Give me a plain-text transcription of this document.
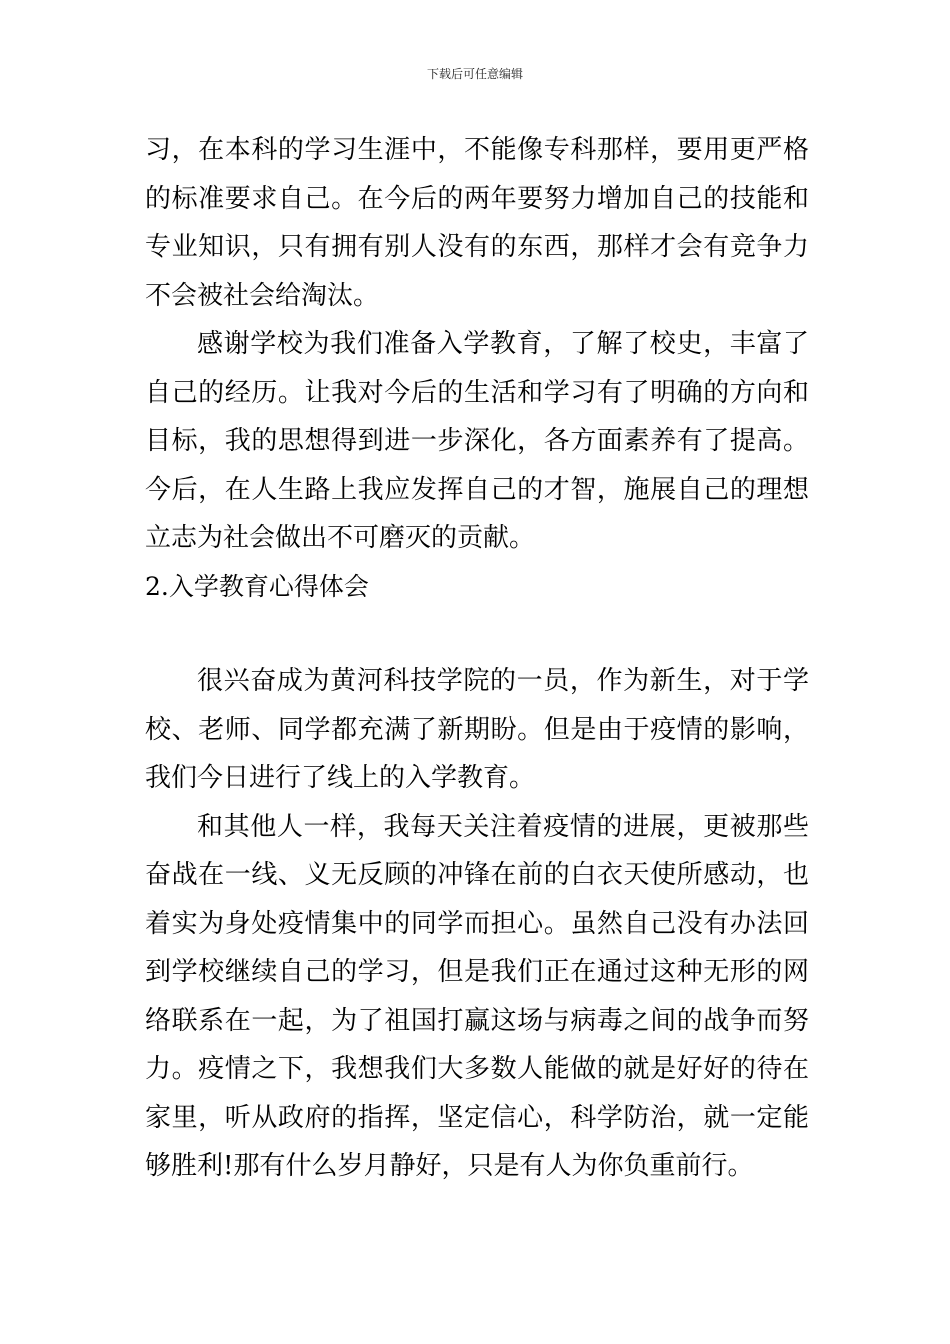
下载后可任意编辑

习，在本科的学习生涯中，不能像专科那样，要用更严格的标准要求自己。在今后的两年要努力增加自己的技能和专业知识，只有拥有别人没有的东西，那样才会有竞争力不会被社会给淘汰。

感谢学校为我们准备入学教育，了解了校史，丰富了自己的经历。让我对今后的生活和学习有了明确的方向和目标，我的思想得到进一步深化，各方面素养有了提高。今后，在人生路上我应发挥自己的才智，施展自己的理想立志为社会做出不可磨灭的贡献。

2.入学教育心得体会

很兴奋成为黄河科技学院的一员，作为新生，对于学校、老师、同学都充满了新期盼。但是由于疫情的影响，我们今日进行了线上的入学教育。

和其他人一样，我每天关注着疫情的进展，更被那些奋战在一线、义无反顾的冲锋在前的白衣天使所感动，也着实为身处疫情集中的同学而担心。虽然自己没有办法回到学校继续自己的学习，但是我们正在通过这种无形的网络联系在一起，为了祖国打赢这场与病毒之间的战争而努力。疫情之下，我想我们大多数人能做的就是好好的待在家里，听从政府的指挥，坚定信心，科学防治，就一定能够胜利!那有什么岁月静好，只是有人为你负重前行。
